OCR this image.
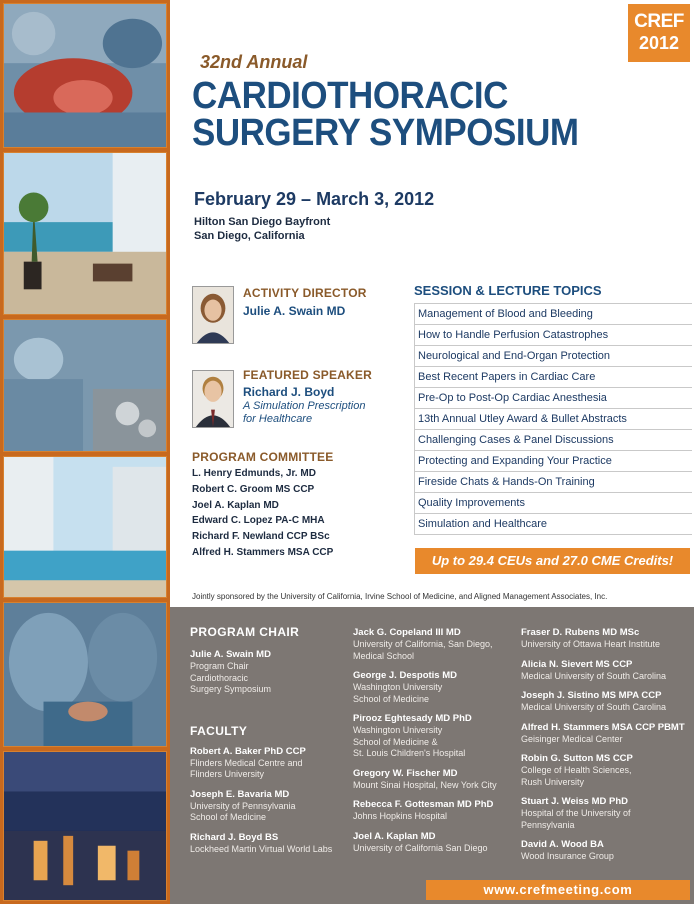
CREF
2012
32nd Annual
CARDIOTHORACIC
SURGERY SYMPOSIUM
February 29 – March 3, 2012
Hilton San Diego Bayfront
San Diego, California
ACTIVITY DIRECTOR
Julie A. Swain MD
FEATURED SPEAKER
Richard J. Boyd
A Simulation Prescription
for Healthcare
PROGRAM COMMITTEE
L. Henry Edmunds, Jr. MD
Robert C. Groom MS CCP
Joel A. Kaplan MD
Edward C. Lopez PA-C MHA
Richard F. Newland CCP BSc
Alfred H. Stammers MSA CCP
SESSION & LECTURE TOPICS
Management of Blood and Bleeding
How to Handle Perfusion Catastrophes
Neurological and End-Organ Protection
Best Recent Papers in Cardiac Care
Pre-Op to Post-Op Cardiac Anesthesia
13th Annual Utley Award & Bullet Abstracts
Challenging Cases & Panel Discussions
Protecting and Expanding Your Practice
Fireside Chats & Hands-On Training
Quality Improvements
Simulation and Healthcare
Up to 29.4 CEUs and 27.0 CME Credits!
Jointly sponsored by the University of California, Irvine School of Medicine, and Aligned Management Associates, Inc.
PROGRAM CHAIR
Julie A. Swain MD
Program Chair
Cardiothoracic
Surgery Symposium
FACULTY
Robert A. Baker PhD CCP
Flinders Medical Centre and
Flinders University
Joseph E. Bavaria MD
University of Pennsylvania
School of Medicine
Richard J. Boyd BS
Lockheed Martin Virtual World Labs
Jack G. Copeland III MD
University of California, San Diego,
Medical School
George J. Despotis MD
Washington University
School of Medicine
Pirooz Eghtesady MD PhD
Washington University
School of Medicine &
St. Louis Children's Hospital
Gregory W. Fischer MD
Mount Sinai Hospital, New York City
Rebecca F. Gottesman MD PhD
Johns Hopkins Hospital
Joel A. Kaplan MD
University of California San Diego
Fraser D. Rubens MD MSc
University of Ottawa Heart Institute
Alicia N. Sievert MS CCP
Medical University of South Carolina
Joseph J. Sistino MS MPA CCP
Medical University of South Carolina
Alfred H. Stammers MSA CCP PBMT
Geisinger Medical Center
Robin G. Sutton MS CCP
College of Health Sciences,
Rush University
Stuart J. Weiss MD PhD
Hospital of the University of
Pennsylvania
David A. Wood BA
Wood Insurance Group
www.crefmeeting.com
